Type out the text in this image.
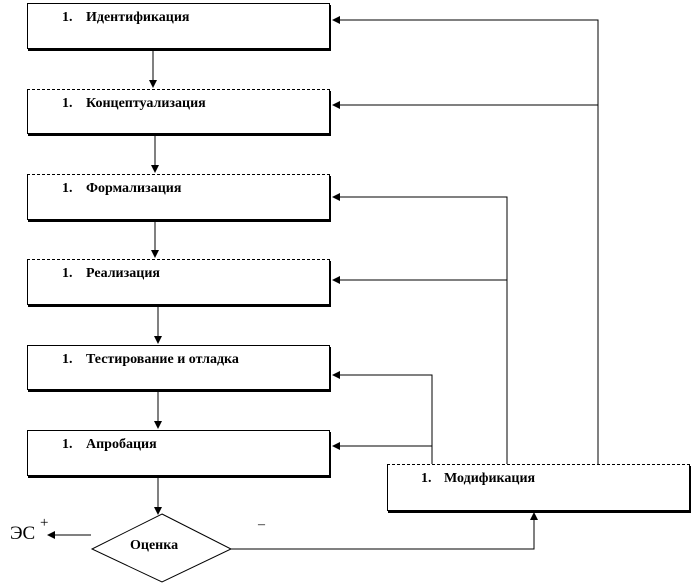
1. Идентификация
1. Концептуализация
1. Формализация
1. Реализация
1. Тестирование и отладка
1. Апробация
1. Модификация
Оценка
ЭС +	–
